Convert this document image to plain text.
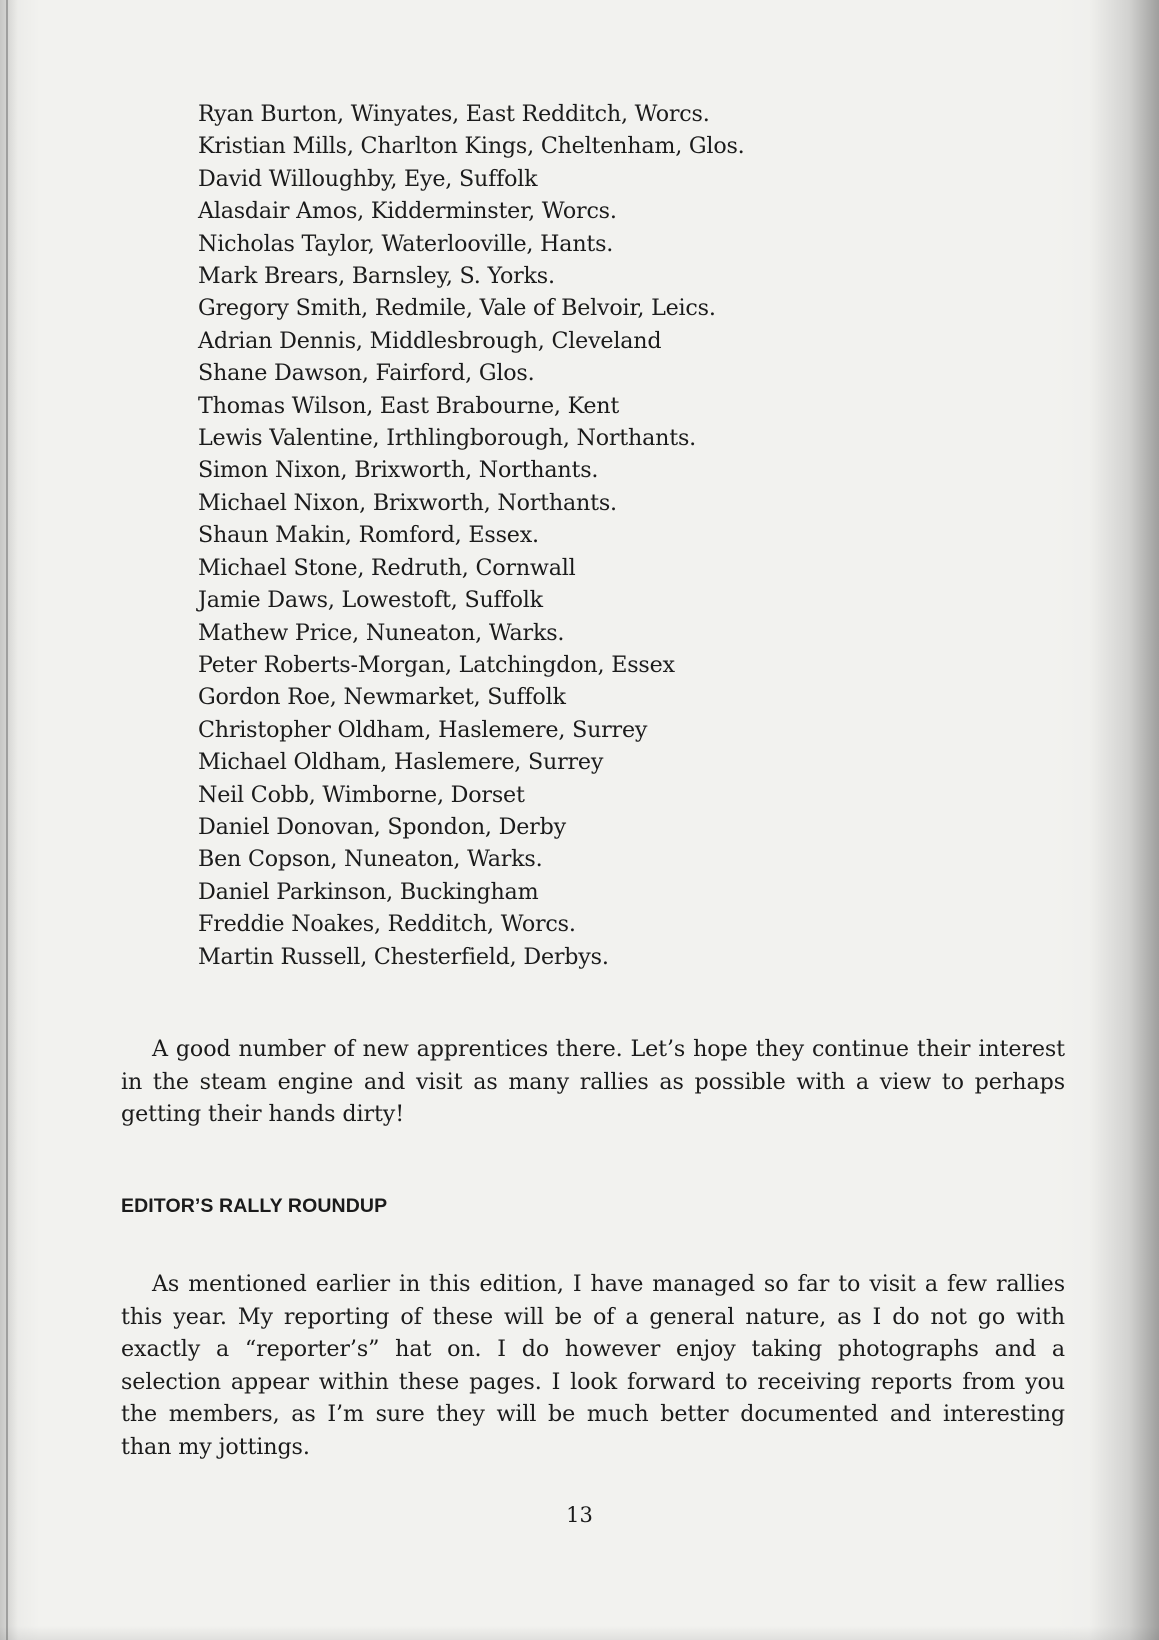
Ryan Burton, Winyates, East Redditch, Worcs.
Kristian Mills, Charlton Kings, Cheltenham, Glos.
David Willoughby, Eye, Suffolk
Alasdair Amos, Kidderminster, Worcs.
Nicholas Taylor, Waterlooville, Hants.
Mark Brears, Barnsley, S. Yorks.
Gregory Smith, Redmile, Vale of Belvoir, Leics.
Adrian Dennis, Middlesbrough, Cleveland
Shane Dawson, Fairford, Glos.
Thomas Wilson, East Brabourne, Kent
Lewis Valentine, Irthlingborough, Northants.
Simon Nixon, Brixworth, Northants.
Michael Nixon, Brixworth, Northants.
Shaun Makin, Romford, Essex.
Michael Stone, Redruth, Cornwall
Jamie Daws, Lowestoft, Suffolk
Mathew Price, Nuneaton, Warks.
Peter Roberts-Morgan, Latchingdon, Essex
Gordon Roe, Newmarket, Suffolk
Christopher Oldham, Haslemere, Surrey
Michael Oldham, Haslemere, Surrey
Neil Cobb, Wimborne, Dorset
Daniel Donovan, Spondon, Derby
Ben Copson, Nuneaton, Warks.
Daniel Parkinson, Buckingham
Freddie Noakes, Redditch, Worcs.
Martin Russell, Chesterfield, Derbys.

A good number of new apprentices there. Let’s hope they continue their interest in the steam engine and visit as many rallies as possible with a view to perhaps getting their hands dirty!

EDITOR’S RALLY ROUNDUP

As mentioned earlier in this edition, I have managed so far to visit a few rallies this year. My reporting of these will be of a general nature, as I do not go with exactly a “reporter’s” hat on. I do however enjoy taking photographs and a selection appear within these pages. I look forward to receiving reports from you the members, as I’m sure they will be much better documented and interesting than my jottings.

13
